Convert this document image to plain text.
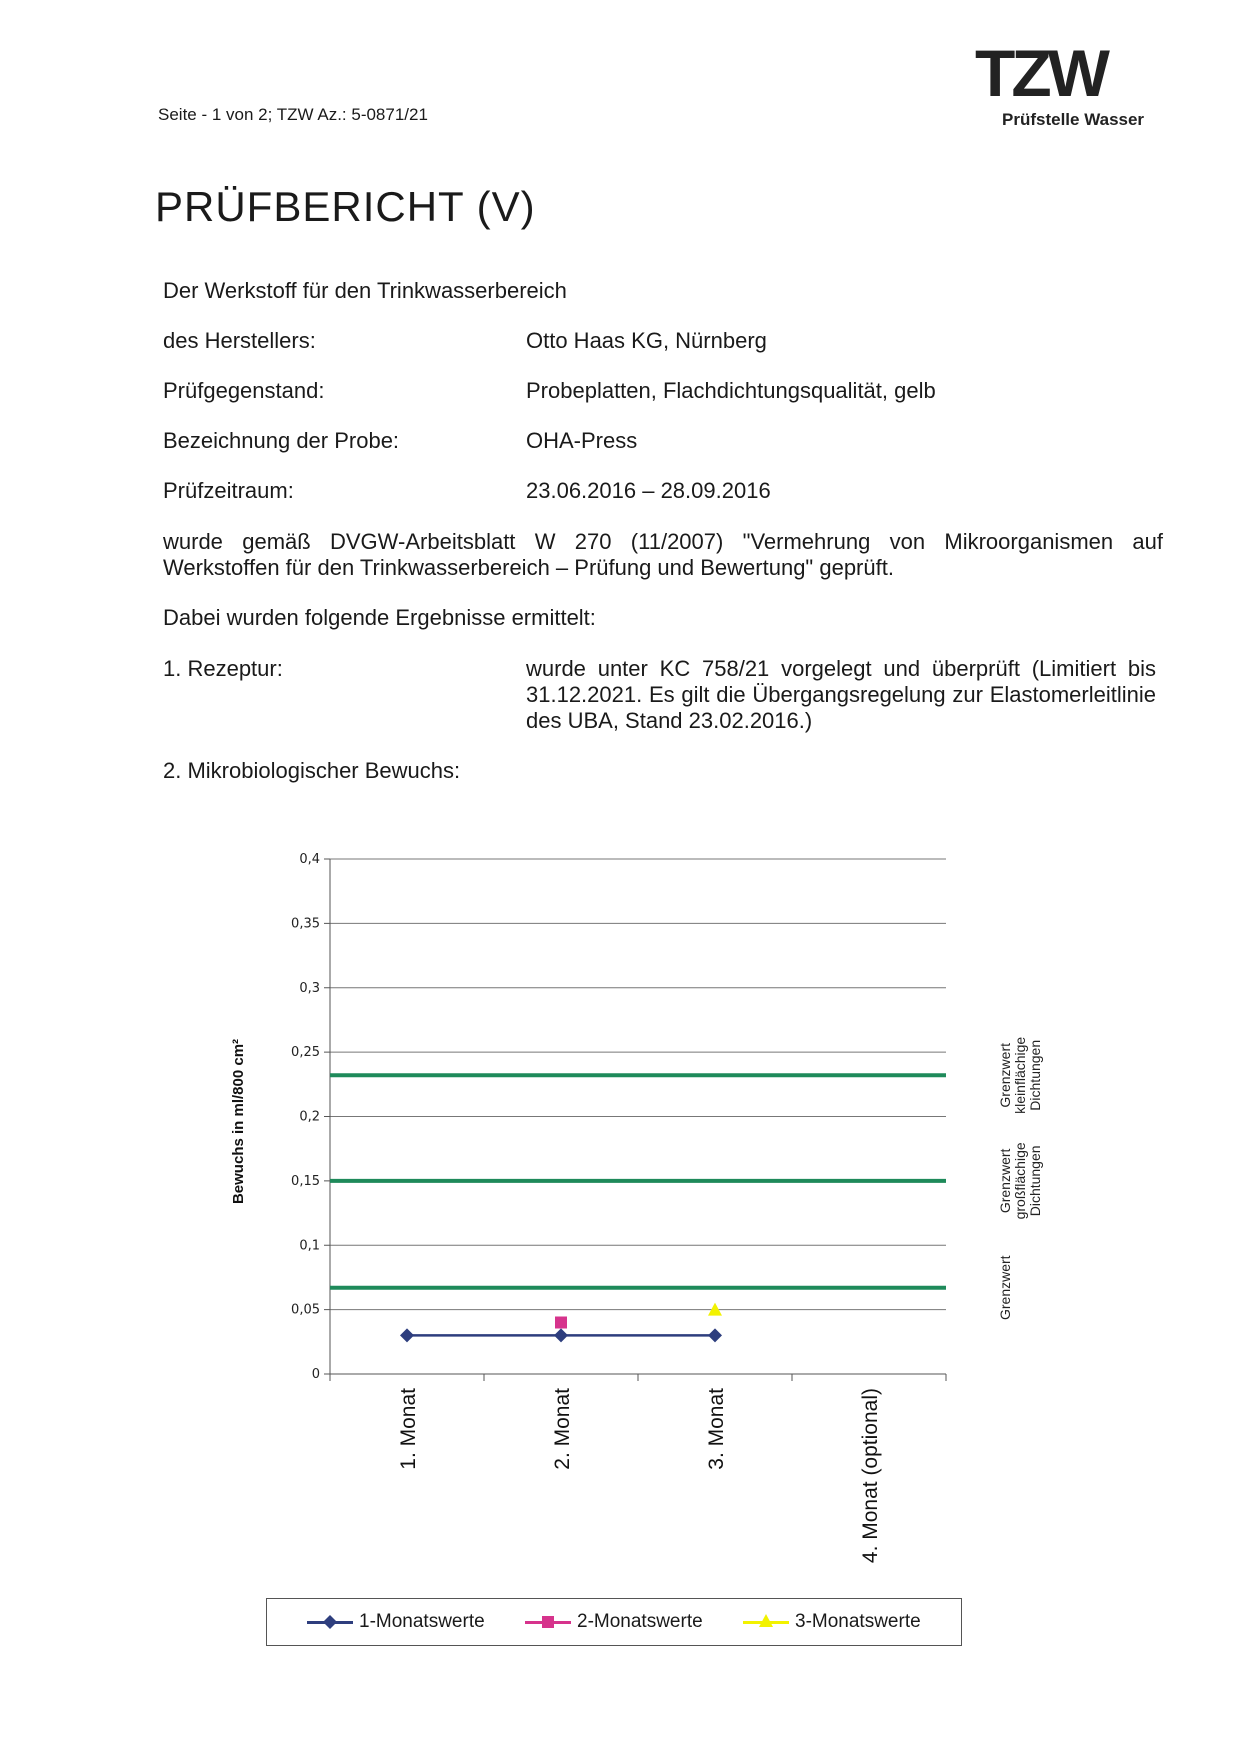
Seite - 1 von 2; TZW Az.: 5-0871/21
TZW
Prüfstelle Wasser
PRÜFBERICHT (V)
Der Werkstoff für den Trinkwasserbereich
des Herstellers:	Otto Haas KG, Nürnberg
Prüfgegenstand:	Probeplatten, Flachdichtungsqualität, gelb
Bezeichnung der Probe:	OHA-Press
Prüfzeitraum:	23.06.2016 – 28.09.2016
wurde gemäß DVGW-Arbeitsblatt W 270 (11/2007) "Vermehrung von Mikroorganismen auf Werkstoffen für den Trinkwasserbereich – Prüfung und Bewertung" geprüft.
Dabei wurden folgende Ergebnisse ermittelt:
1. Rezeptur:	wurde unter KC 758/21 vorgelegt und überprüft (Limitiert bis 31.12.2021. Es gilt die Übergangsregelung zur Elastomerleitlinie des UBA, Stand 23.02.2016.)
2. Mikrobiologischer Bewuchs:
0
0,05
0,1
0,15
0,2
0,25
0,3
0,35
0,4
Bewuchs in ml/800 cm²
1. Monat	2. Monat	3. Monat	4. Monat (optional)
Grenzwert kleinflächige Dichtungen
Grenzwert großflächige Dichtungen
Grenzwert
1-Monatswerte	2-Monatswerte	3-Monatswerte
